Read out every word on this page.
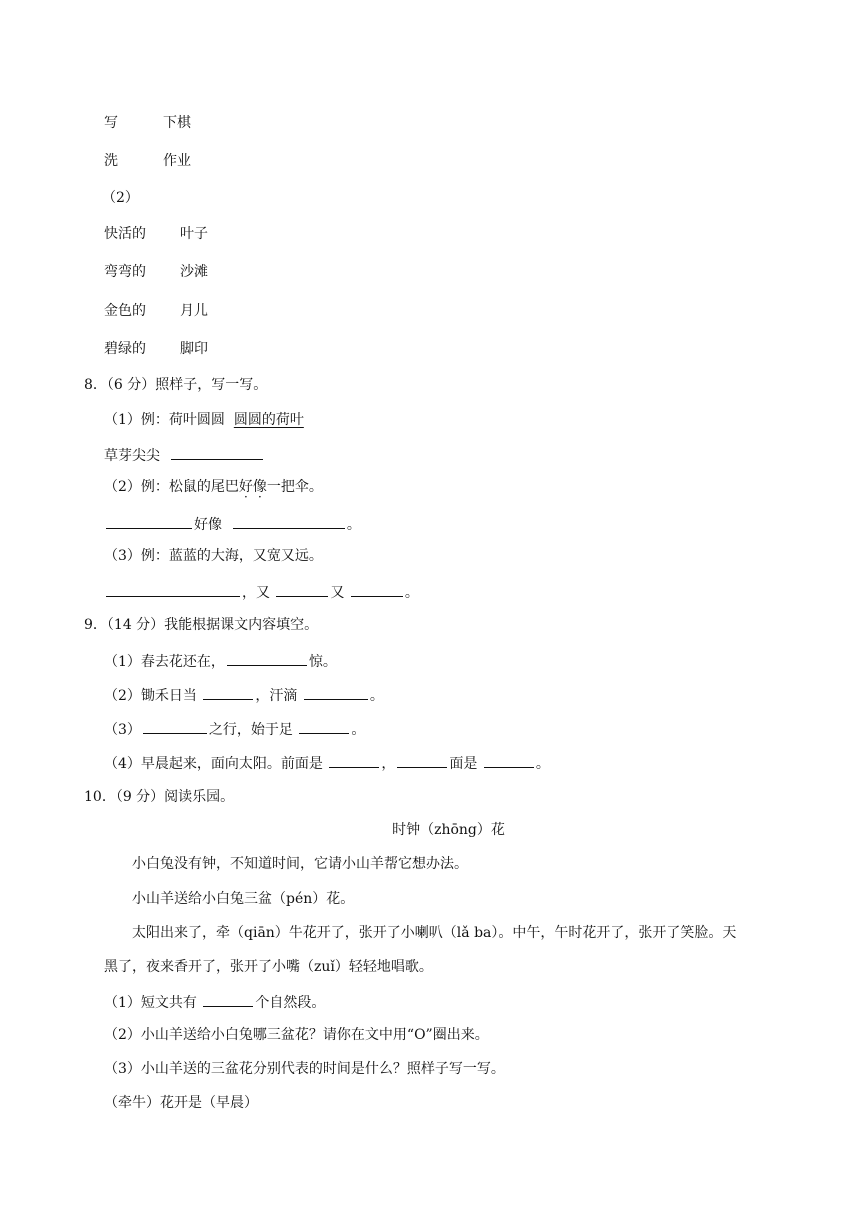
写	下棋
洗	作业
（2）
快活的 叶子
弯弯的 沙滩
金色的 月儿
碧绿的 脚印
8．（6 分）照样子，写一写。
（1）例：荷叶圆圆 圆圆的荷叶
草芽尖尖
（2）例：松鼠的尾巴好像一把伞。
好像	。
（3）例：蓝蓝的大海，又宽又远。
，又	又	。
9．（14 分）我能根据课文内容填空。
（1）春去花还在，	惊。
（2）锄禾日当	，汗滴	。
（3）	之行，始于足	。
（4）早晨起来，面向太阳。前面是	，	面是	。
10．（9 分）阅读乐园。
时钟（zhōng）花
小白兔没有钟，不知道时间，它请小山羊帮它想办法。
小山羊送给小白兔三盆（pén）花。
太阳出来了，牵（qiān）牛花开了，张开了小喇叭（lǎ ba）。中午，午时花开了，张开了笑脸。天
黑了，夜来香开了，张开了小嘴（zuǐ）轻轻地唱歌。
（1）短文共有	个自然段。
（2）小山羊送给小白兔哪三盆花？请你在文中用“O”圈出来。
（3）小山羊送的三盆花分别代表的时间是什么？照样子写一写。
（牵牛）花开是（早晨）
